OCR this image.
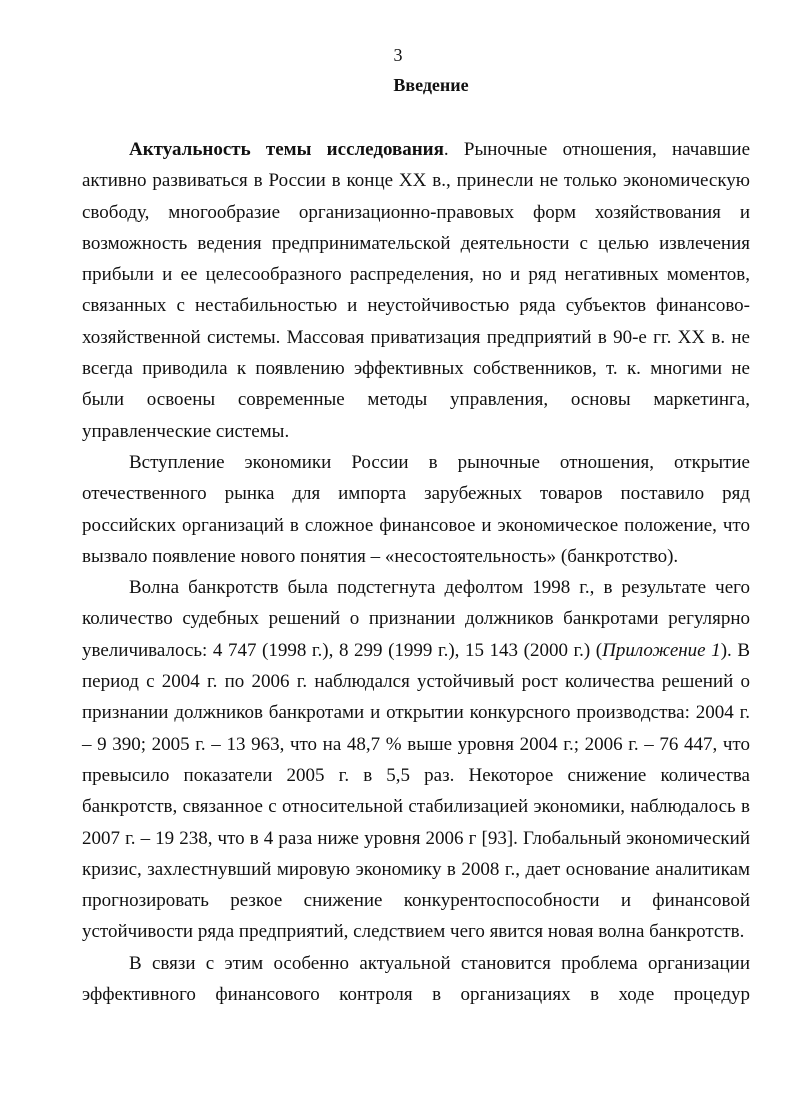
3
Введение

Актуальность темы исследования. Рыночные отношения, начавшие активно развиваться в России в конце XX в., принесли не только экономическую свободу, многообразие организационно-правовых форм хозяйствования и возможность ведения предпринимательской деятельности с целью извлечения прибыли и ее целесообразного распределения, но и ряд негативных моментов, связанных с нестабильностью и неустойчивостью ряда субъектов финансово-хозяйственной системы. Массовая приватизация предприятий в 90-е гг. XX в. не всегда приводила к появлению эффективных собственников, т. к. многими не были освоены современные методы управления, основы маркетинга, управленческие системы.

Вступление экономики России в рыночные отношения, открытие отечественного рынка для импорта зарубежных товаров поставило ряд российских организаций в сложное финансовое и экономическое положение, что вызвало появление нового понятия – «несостоятельность» (банкротство).

Волна банкротств была подстегнута дефолтом 1998 г., в результате чего количество судебных решений о признании должников банкротами регулярно увеличивалось: 4 747 (1998 г.), 8 299 (1999 г.), 15 143 (2000 г.) (Приложение 1). В период с 2004 г. по 2006 г. наблюдался устойчивый рост количества решений о признании должников банкротами и открытии конкурсного производства: 2004 г. – 9 390; 2005 г. – 13 963, что на 48,7 % выше уровня 2004 г.; 2006 г. – 76 447, что превысило показатели 2005 г. в 5,5 раз. Некоторое снижение количества банкротств, связанное с относительной стабилизацией экономики, наблюдалось в 2007 г. – 19 238, что в 4 раза ниже уровня 2006 г [93]. Глобальный экономический кризис, захлестнувший мировую экономику в 2008 г., дает основание аналитикам прогнозировать резкое снижение конкурентоспособности и финансовой устойчивости ряда предприятий, следствием чего явится новая волна банкротств.

В связи с этим особенно актуальной становится проблема организации эффективного финансового контроля в организациях в ходе процедур
